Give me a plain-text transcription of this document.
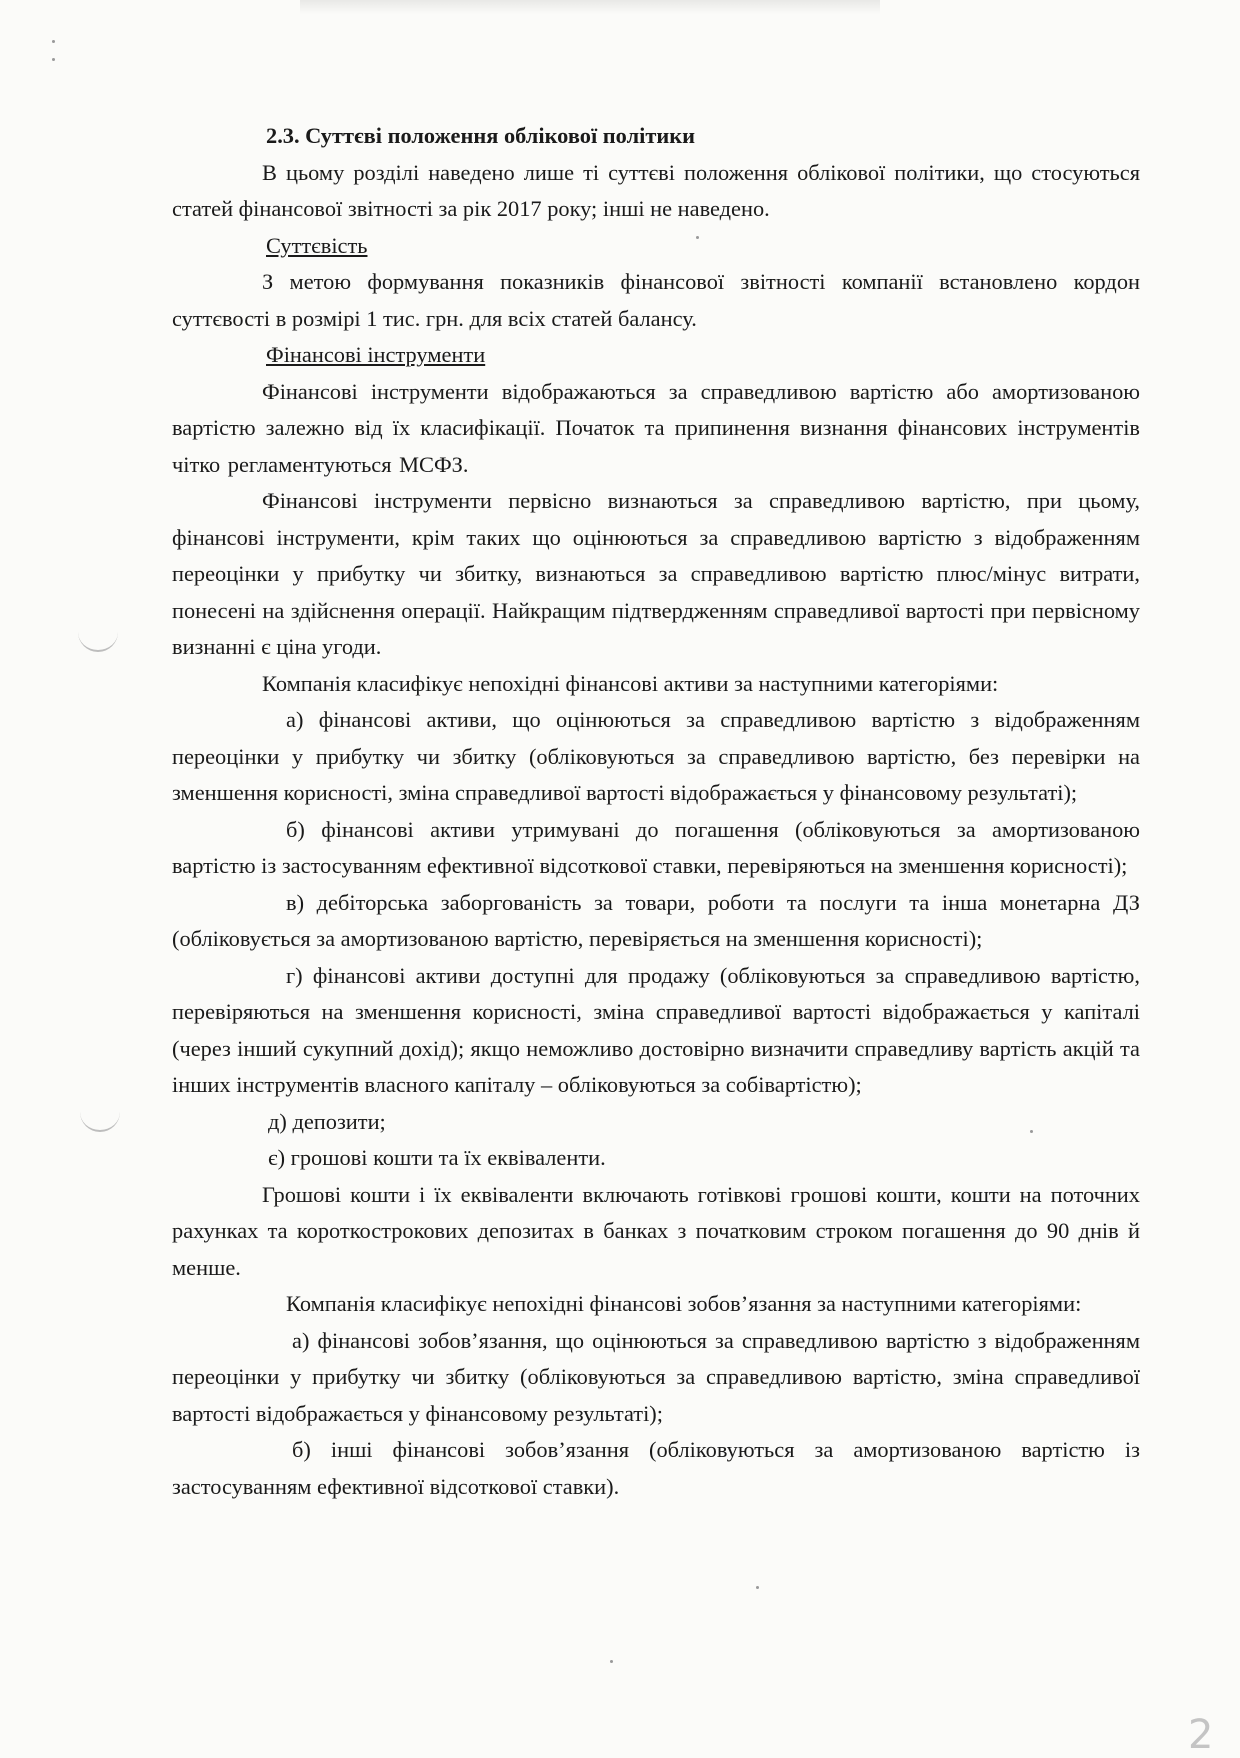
2.3. Суттєві положення облікової політики

В цьому розділі наведено лише ті суттєві положення облікової політики, що стосуються статей фінансової звітності за рік 2017 року; інші не наведено.

Суттєвість

З метою формування показників фінансової звітності компанії встановлено кордон суттєвості в розмірі 1 тис. грн. для всіх статей балансу.

Фінансові інструменти

Фінансові інструменти відображаються за справедливою вартістю або амортизованою вартістю залежно від їх класифікації. Початок та припинення визнання фінансових інструментів чітко регламентуються МСФЗ.

Фінансові інструменти первісно визнаються за справедливою вартістю, при цьому, фінансові інструменти, крім таких що оцінюються за справедливою вартістю з відображенням переоцінки у прибутку чи збитку, визнаються за справедливою вартістю плюс/мінус витрати, понесені на здійснення операції. Найкращим підтвердженням справедливої вартості при первісному визнанні є ціна угоди.

Компанія класифікує непохідні фінансові активи за наступними категоріями:

а) фінансові активи, що оцінюються за справедливою вартістю з відображенням переоцінки у прибутку чи збитку (обліковуються за справедливою вартістю, без перевірки на зменшення корисності, зміна справедливої вартості відображається у фінансовому результаті);

б) фінансові активи утримувані до погашення (обліковуються за амортизованою вартістю із застосуванням ефективної відсоткової ставки, перевіряються на зменшення корисності);

в) дебіторська заборгованість за товари, роботи та послуги та інша монетарна ДЗ (обліковується за амортизованою вартістю, перевіряється на зменшення корисності);

г) фінансові активи доступні для продажу (обліковуються за справедливою вартістю, перевіряються на зменшення корисності, зміна справедливої вартості відображається у капіталі (через інший сукупний дохід); якщо неможливо достовірно визначити справедливу вартість акцій та інших інструментів власного капіталу – обліковуються за собівартістю);

д) депозити;

є) грошові кошти та їх еквіваленти.

Грошові кошти і їх еквіваленти включають готівкові грошові кошти, кошти на поточних рахунках та короткострокових депозитах в банках з початковим строком погашення до 90 днів й менше.

Компанія класифікує непохідні фінансові зобов’язання за наступними категоріями:

а) фінансові зобов’язання, що оцінюються за справедливою вартістю з відображенням переоцінки у прибутку чи збитку (обліковуються за справедливою вартістю, зміна справедливої вартості відображається у фінансовому результаті);

б) інші фінансові зобов’язання (обліковуються за амортизованою вартістю із застосуванням ефективної відсоткової ставки).

2
